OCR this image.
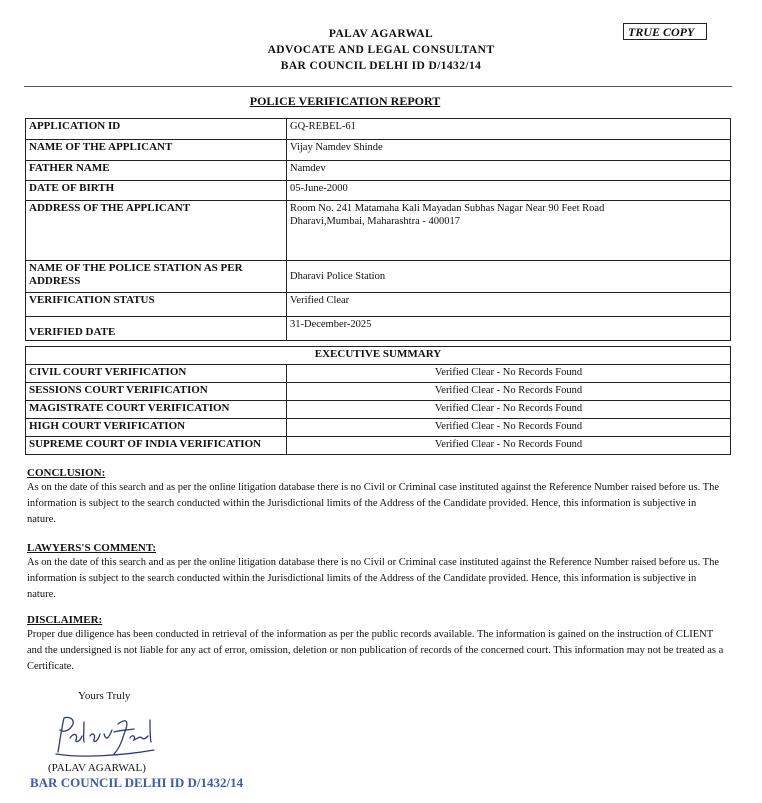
PALAV AGARWAL
ADVOCATE AND LEGAL CONSULTANT
BAR COUNCIL DELHI ID D/1432/14
TRUE COPY
POLICE VERIFICATION REPORT
APPLICATION ID	GQ-REBEL-61
NAME OF THE APPLICANT	Vijay Namdev Shinde
FATHER NAME	Namdev
DATE OF BIRTH	05-June-2000
ADDRESS OF THE APPLICANT	Room No. 241 Matamaha Kali Mayadan Subhas Nagar Near 90 Feet Road Dharavi,Mumbai, Maharashtra - 400017
NAME OF THE POLICE STATION AS PER ADDRESS	Dharavi Police Station
VERIFICATION STATUS	Verified Clear
VERIFIED DATE	31-December-2025
EXECUTIVE SUMMARY	
CIVIL COURT VERIFICATION	Verified Clear - No Records Found
SESSIONS COURT VERIFICATION	Verified Clear - No Records Found
MAGISTRATE COURT VERIFICATION	Verified Clear - No Records Found
HIGH COURT VERIFICATION	Verified Clear - No Records Found
SUPREME COURT OF INDIA VERIFICATION	Verified Clear - No Records Found
CONCLUSION:
As on the date of this search and as per the online litigation database there is no Civil or Criminal case instituted against the Reference Number raised before us. The information is subject to the search conducted within the Jurisdictional limits of the Address of the Candidate provided. Hence, this information is subjective in nature.
LAWYERS'S COMMENT:
As on the date of this search and as per the online litigation database there is no Civil or Criminal case instituted against the Reference Number raised before us. The information is subject to the search conducted within the Jurisdictional limits of the Address of the Candidate provided. Hence, this information is subjective in nature.
DISCLAIMER:
Proper due diligence has been conducted in retrieval of the information as per the public records available. The information is gained on the instruction of CLIENT and the undersigned is not liable for any act of error, omission, deletion or non publication of records of the concerned court. This information may not be treated as a Certificate.
Yours Truly
(PALAV AGARWAL)
BAR COUNCIL DELHI ID D/1432/14
